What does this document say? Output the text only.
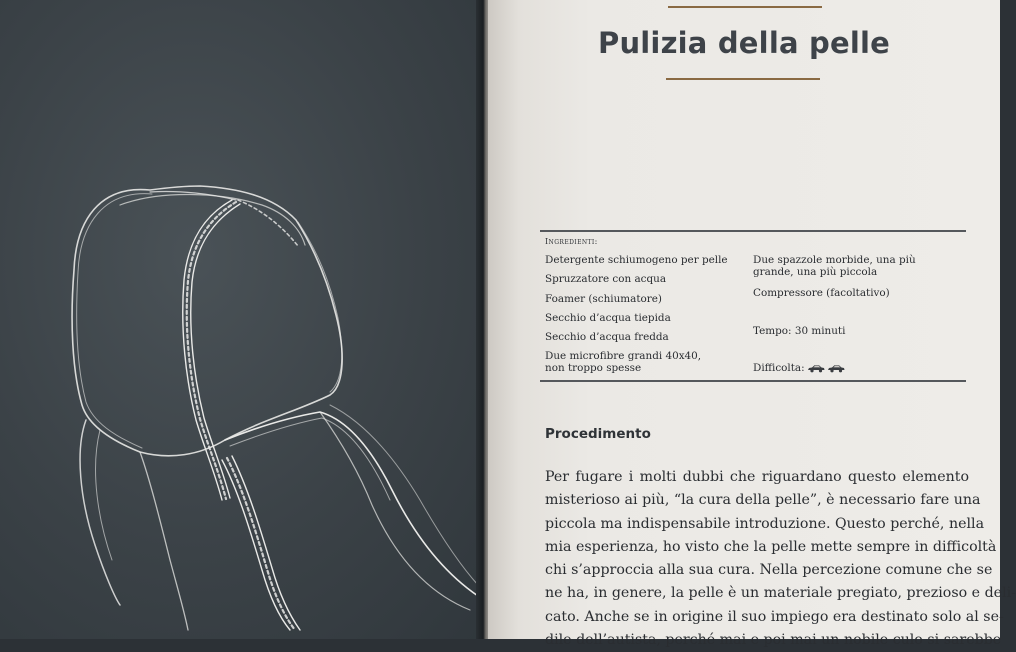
Pulizia della pelle
Ingredienti:
Detergente schiumogeno per pelle
Spruzzatore con acqua
Foamer (schiumatore)
Secchio d’acqua tiepida
Secchio d’acqua fredda
Due microfibre grandi 40x40,
non troppo spesse
Due spazzole morbide, una più
grande, una più piccola
Compressore (facoltativo)
Tempo: 30 minuti
Difficolta:
Procedimento
Per fugare i molti dubbi che riguardano questo elemento
misterioso ai più, “la cura della pelle”, è necessario fare una
piccola ma indispensabile introduzione. Questo perché, nella
mia esperienza, ho visto che la pelle mette sempre in difficoltà
chi s’approccia alla sua cura. Nella percezione comune che se
ne ha, in genere, la pelle è un materiale pregiato, prezioso e deli-
cato. Anche se in origine il suo impiego era destinato solo al se-
dile dell’autista, perché mai e poi mai un nobile culo si sarebbe
